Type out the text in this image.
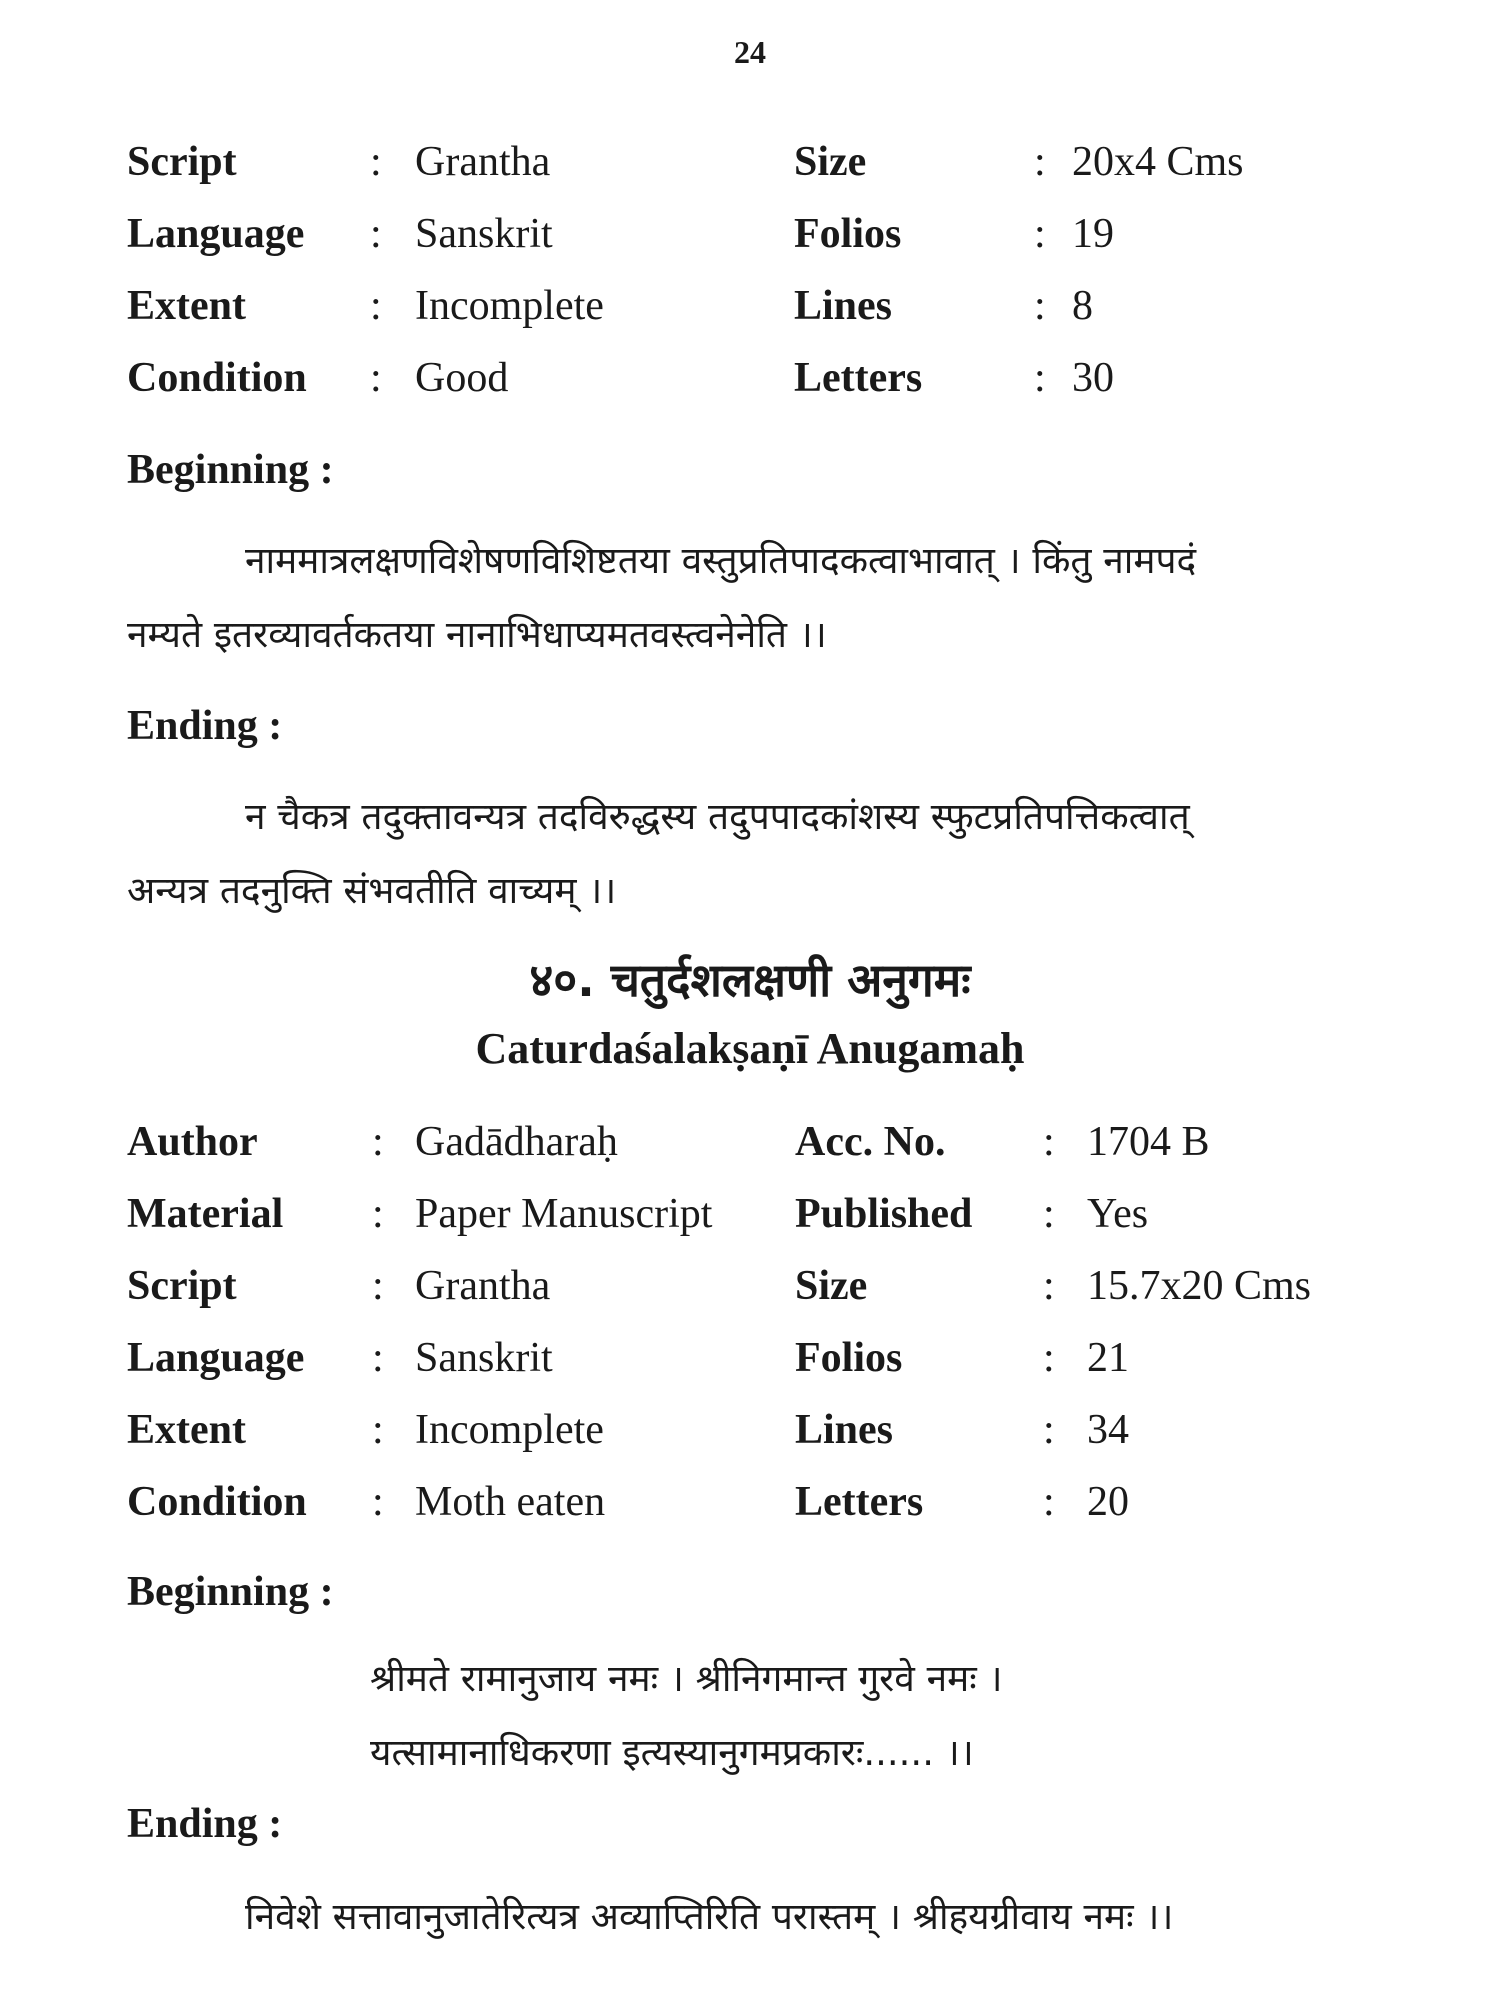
24
Script	: Grantha	Size	: 20x4 Cms
Language : Sanskrit	Folios	: 19
Extent	: Incomplete	Lines	: 8
Condition : Good	Letters	: 30
Beginning :
नाममात्रलक्षणविशेषणविशिष्टतया वस्तुप्रतिपादकत्वाभावात् । किंतु नामपदं
नम्यते इतरव्यावर्तकतया नानाभिधाप्यमतवस्त्वनेनेति ।।
Ending :
न चैकत्र तदुक्तावन्यत्र तदविरुद्धस्य तदुपपादकांशस्य स्फुटप्रतिपत्तिकत्वात्
अन्यत्र तदनुक्ति संभवतीति वाच्यम् ।।
४०. चतुर्दशलक्षणी अनुगमः
Caturdaśalakṣaṇī Anugamaḥ
Author	: Gadādharaḥ	Acc. No. : 1704 B
Material : Paper Manuscript Published : Yes
Script	: Grantha	Size	: 15.7x20 Cms
Language : Sanskrit	Folios	: 21
Extent	: Incomplete	Lines	: 34
Condition : Moth eaten	Letters	: 20
Beginning :
श्रीमते रामानुजाय नमः । श्रीनिगमान्त गुरवे नमः ।
यत्सामानाधिकरणा इत्यस्यानुगमप्रकारः...... ।।
Ending :
निवेशे सत्तावानुजातेरित्यत्र अव्याप्तिरिति परास्तम् । श्रीहयग्रीवाय नमः ।।
